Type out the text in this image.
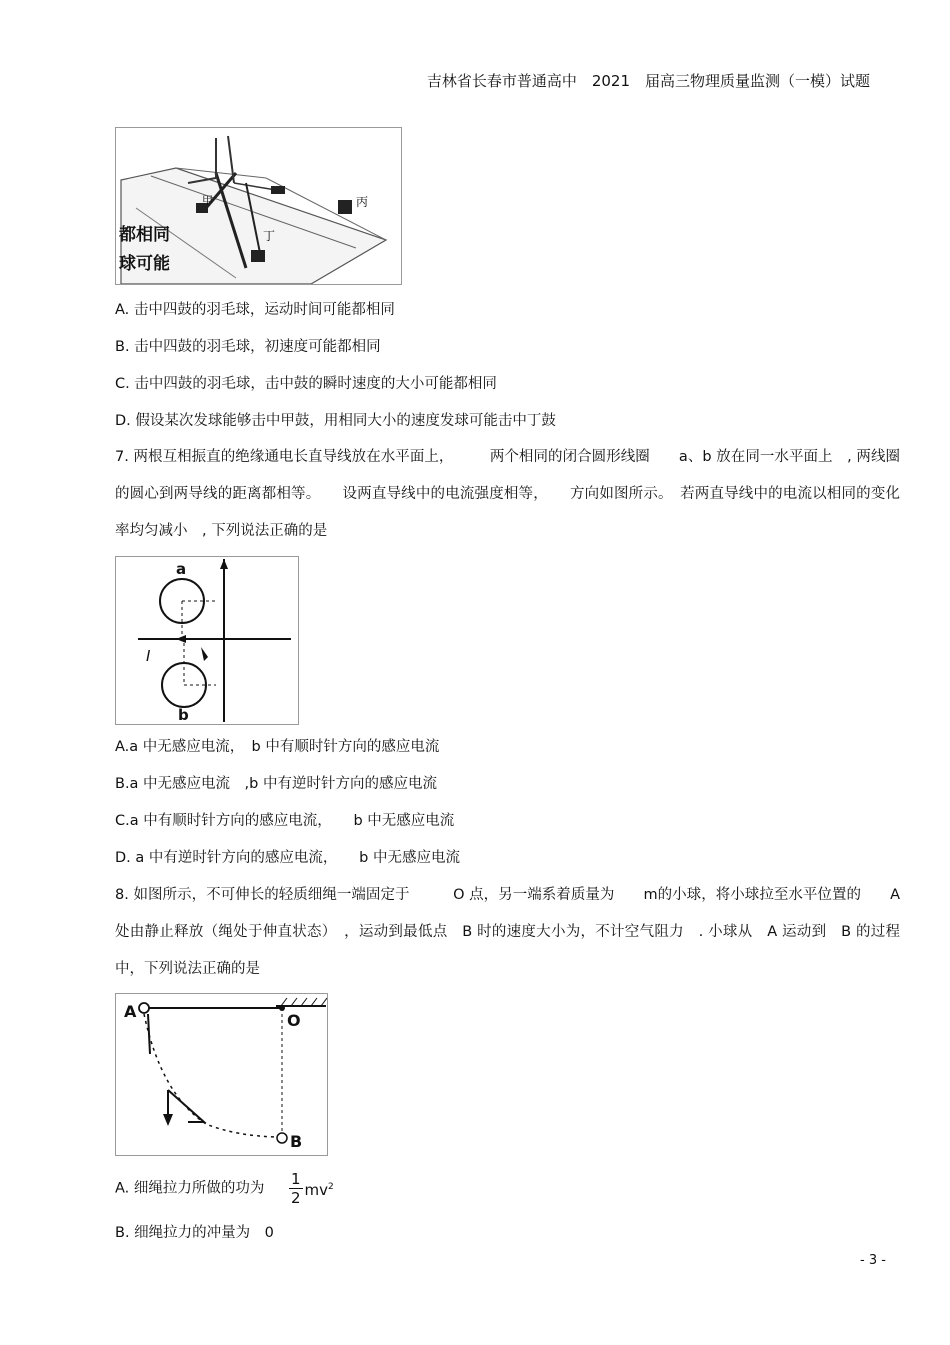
吉林省长春市普通高中　2021　届高三物理质量监测（一模）试题
甲	丙
丁
都相同
球可能
A. 击中四鼓的羽毛球，运动时间可能都相同
B. 击中四鼓的羽毛球，初速度可能都相同
C. 击中四鼓的羽毛球，击中鼓的瞬时速度的大小可能都相同
D. 假设某次发球能够击中甲鼓，用相同大小的速度发球可能击中丁鼓
7. 两根互相振直的绝缘通电长直导线放在水平面上，　　　两个相同的闭合圆形线圈　　a、b 放在同一水平面上　, 两线圈的圆心到两导线的距离都相等。　　设两直导线中的电流强度相等，　　方向如图所示。　若两直导线中的电流以相同的变化率均匀减小　, 下列说法正确的是
a
b
I
A.a 中无感应电流，　b 中有顺时针方向的感应电流
B.a 中无感应电流　,b 中有逆时针方向的感应电流
C.a 中有顺时针方向的感应电流，　　b 中无感应电流
D. a 中有逆时针方向的感应电流，　　b 中无感应电流
8. 如图所示，不可伸长的轻质细绳一端固定于　　　O 点，另一端系着质量为　　m的小球，将小球拉至水平位置的　　A 处由静止释放（绳处于伸直状态）　，运动到最低点　B 时的速度大小为，不计空气阻力　. 小球从　A 运动到　B 的过程中，下列说法正确的是
A	O
B
A. 细绳拉力所做的功为 $\frac{1}{2} mv^2$
B. 细绳拉力的冲量为　0
- 3 -
